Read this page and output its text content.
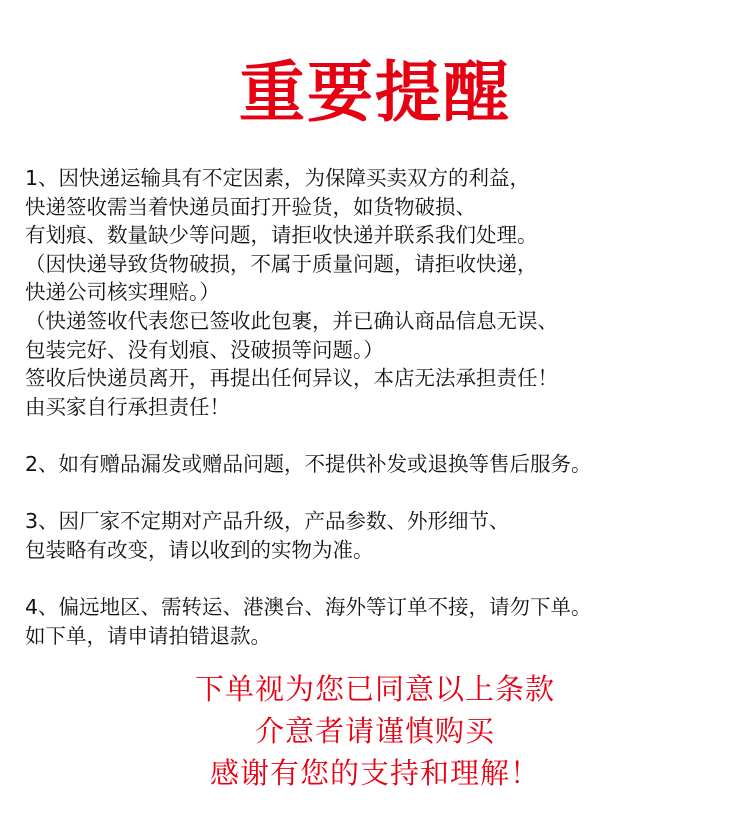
重要提醒
1、因快递运输具有不定因素，为保障买卖双方的利益，
快递签收需当着快递员面打开验货，如货物破损、
有划痕、数量缺少等问题，请拒收快递并联系我们处理。
（因快递导致货物破损，不属于质量问题，请拒收快递，
快递公司核实理赔。）
（快递签收代表您已签收此包裹，并已确认商品信息无误、
包装完好、没有划痕、没破损等问题。）
签收后快递员离开，再提出任何异议，本店无法承担责任！
由买家自行承担责任！
2、如有赠品漏发或赠品问题，不提供补发或退换等售后服务。
3、因厂家不定期对产品升级，产品参数、外形细节、
包装略有改变，请以收到的实物为准。
4、偏远地区、需转运、港澳台、海外等订单不接，请勿下单。
如下单，请申请拍错退款。
下单视为您已同意以上条款
介意者请谨慎购买
感谢有您的支持和理解！
